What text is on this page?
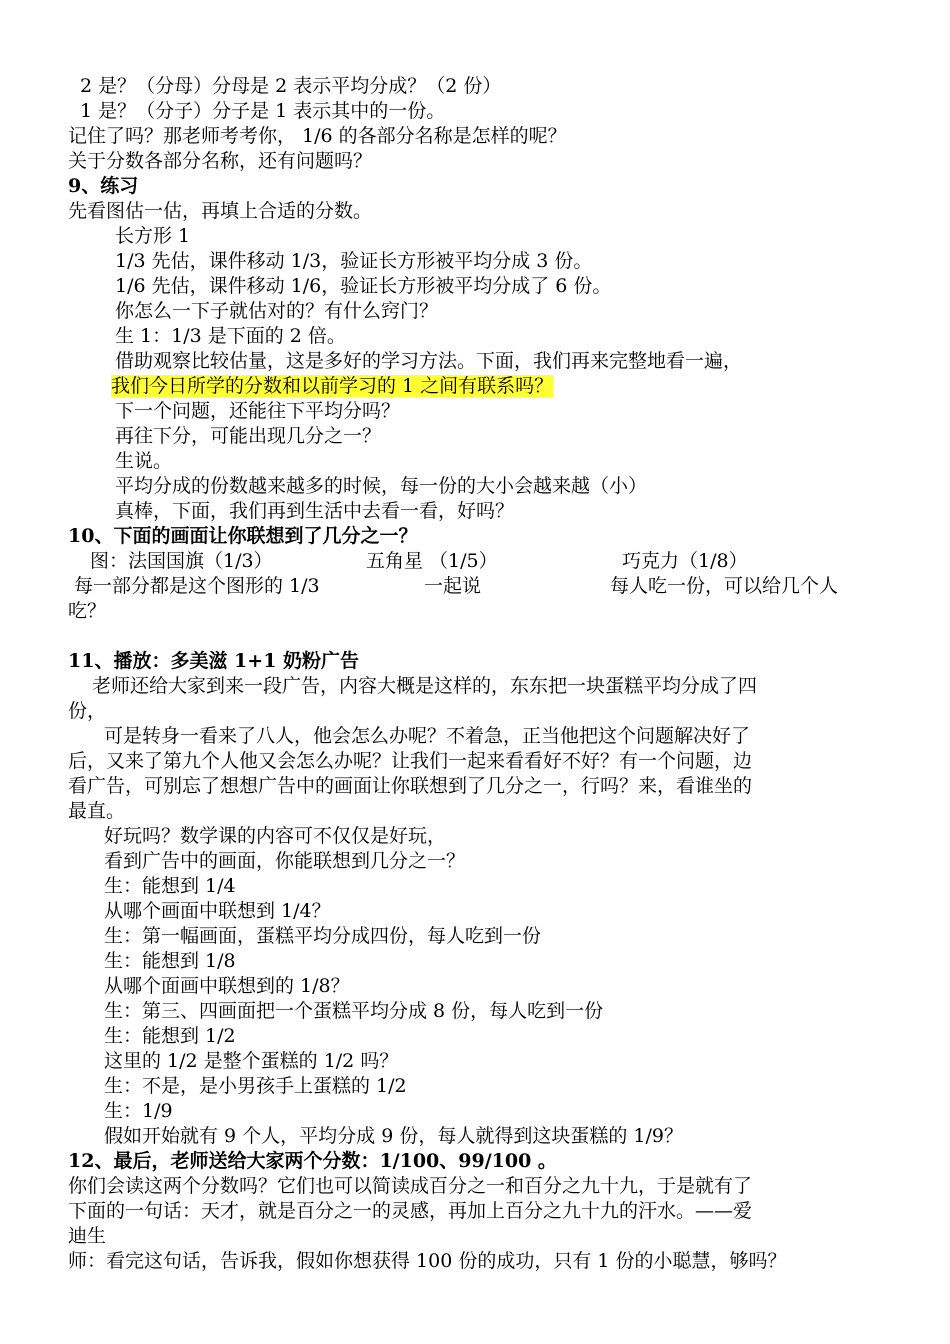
2 是？（分母）分母是 2 表示平均分成？（2 份）
1 是？（分子）分子是 1 表示其中的一份。
记住了吗？那老师考考你， 1/6 的各部分名称是怎样的呢？
关于分数各部分名称，还有问题吗？
9、练习
先看图估一估，再填上合适的分数。
长方形 1
1/3 先估，课件移动 1/3，验证长方形被平均分成 3 份。
1/6 先估，课件移动 1/6，验证长方形被平均分成了 6 份。
你怎么一下子就估对的？有什么窍门？
生 1：1/3 是下面的 2 倍。
借助观察比较估量，这是多好的学习方法。下面，我们再来完整地看一遍，
我们今日所学的分数和以前学习的 1 之间有联系吗？
下一个问题，还能往下平均分吗？
再往下分，可能出现几分之一？
生说。
平均分成的份数越来越多的时候，每一份的大小会越来越（小）
真棒，下面，我们再到生活中去看一看，好吗？
10、下面的画面让你联想到了几分之一？
图：法国国旗（1/3）	五角星 （1/5）	巧克力（1/8）
每一部分都是这个图形的 1/3	一起说	每人吃一份，可以给几个人
吃？
11、播放：多美滋 1+1 奶粉广告
老师还给大家到来一段广告，内容大概是这样的，东东把一块蛋糕平均分成了四
份，
可是转身一看来了八人，他会怎么办呢？不着急，正当他把这个问题解决好了
后，又来了第九个人他又会怎么办呢？让我们一起来看看好不好？有一个问题，边
看广告，可别忘了想想广告中的画面让你联想到了几分之一，行吗？来，看谁坐的
最直。
好玩吗？数学课的内容可不仅仅是好玩，
看到广告中的画面，你能联想到几分之一？
生：能想到 1/4
从哪个画面中联想到 1/4？
生：第一幅画面，蛋糕平均分成四份，每人吃到一份
生：能想到 1/8
从哪个面画中联想到的 1/8？
生：第三、四画面把一个蛋糕平均分成 8 份，每人吃到一份
生：能想到 1/2
这里的 1/2 是整个蛋糕的 1/2 吗？
生：不是，是小男孩手上蛋糕的 1/2
生：1/9
假如开始就有 9 个人，平均分成 9 份，每人就得到这块蛋糕的 1/9？
12、最后，老师送给大家两个分数：1/100、99/100 。
你们会读这两个分数吗？它们也可以简读成百分之一和百分之九十九，于是就有了
下面的一句话：天才，就是百分之一的灵感，再加上百分之九十九的汗水。——爱
迪生
师：看完这句话，告诉我，假如你想获得 100 份的成功，只有 1 份的小聪慧，够吗？
